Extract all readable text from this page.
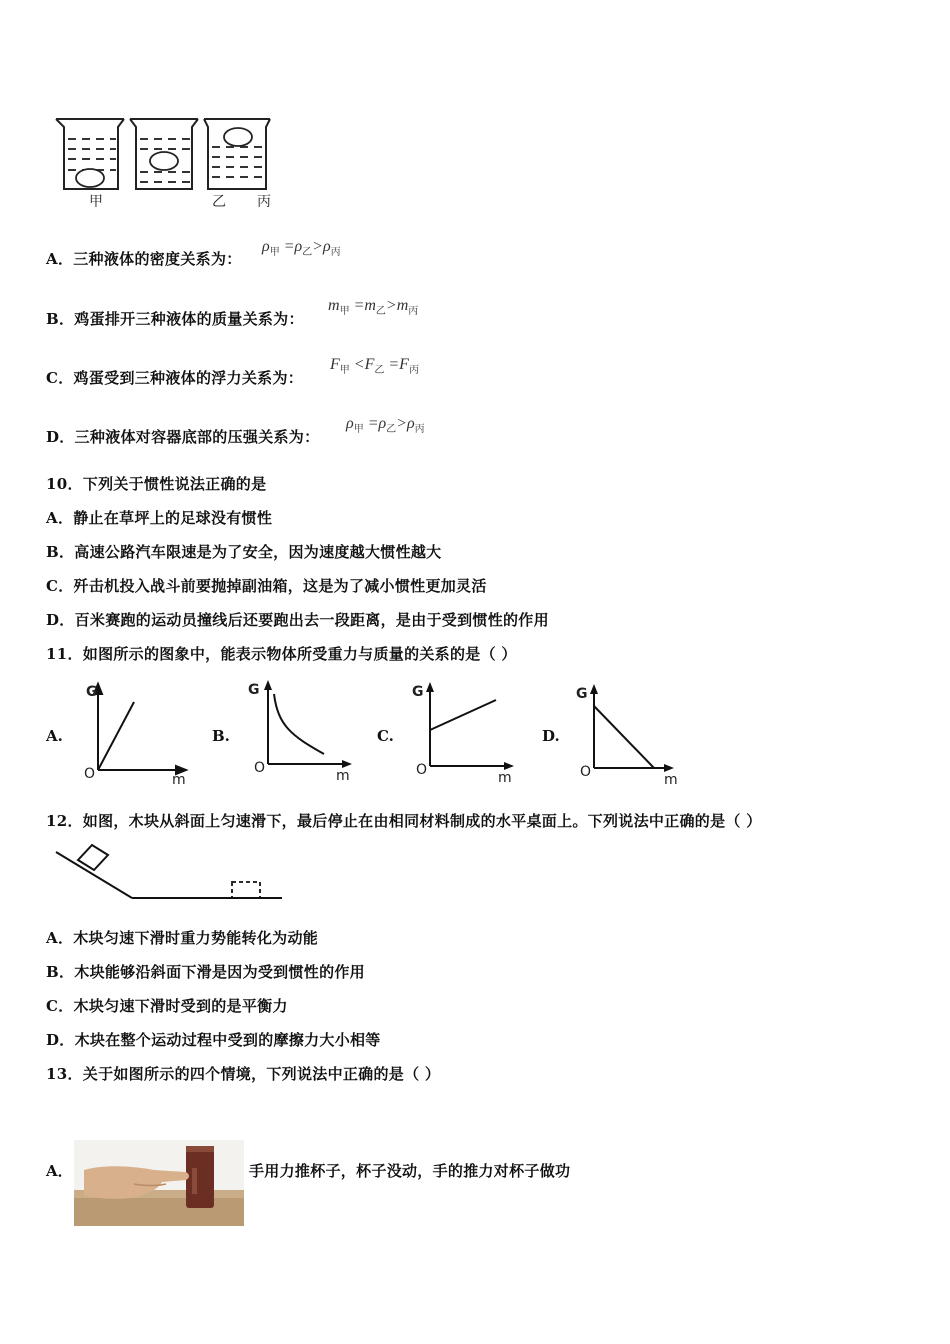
甲	乙 丙
A．三种液体的密度关系为：
$\rho_甲 =\rho_乙>\rho_丙$
B．鸡蛋排开三种液体的质量关系为：
$m_甲 =m_乙>m_丙$
C．鸡蛋受到三种液体的浮力关系为：
$F_甲 <F_乙 =F_丙$
D．三种液体对容器底部的压强关系为：
$\rho_甲 =\rho_乙>\rho_丙$
10．下列关于惯性说法正确的是
A．静止在草坪上的足球没有惯性
B．高速公路汽车限速是为了安全，因为速度越大惯性越大
C．歼击机投入战斗前要抛掉副油箱，这是为了减小惯性更加灵活
D．百米赛跑的运动员撞线后还要跑出去一段距离，是由于受到惯性的作用
11．如图所示的图象中，能表示物体所受重力与质量的关系的是（ ）
A.
G
O	m
B.
G
O	m
C.
G
O	m
D.
G
O	m
12．如图，木块从斜面上匀速滑下，最后停止在由相同材料制成的水平桌面上。下列说法中正确的是（ ）
A．木块匀速下滑时重力势能转化为动能
B．木块能够沿斜面下滑是因为受到惯性的作用
C．木块匀速下滑时受到的是平衡力
D．木块在整个运动过程中受到的摩擦力大小相等
13．关于如图所示的四个情境，下列说法中正确的是（ ）
A．	手用力推杯子，杯子没动，手的推力对杯子做功
